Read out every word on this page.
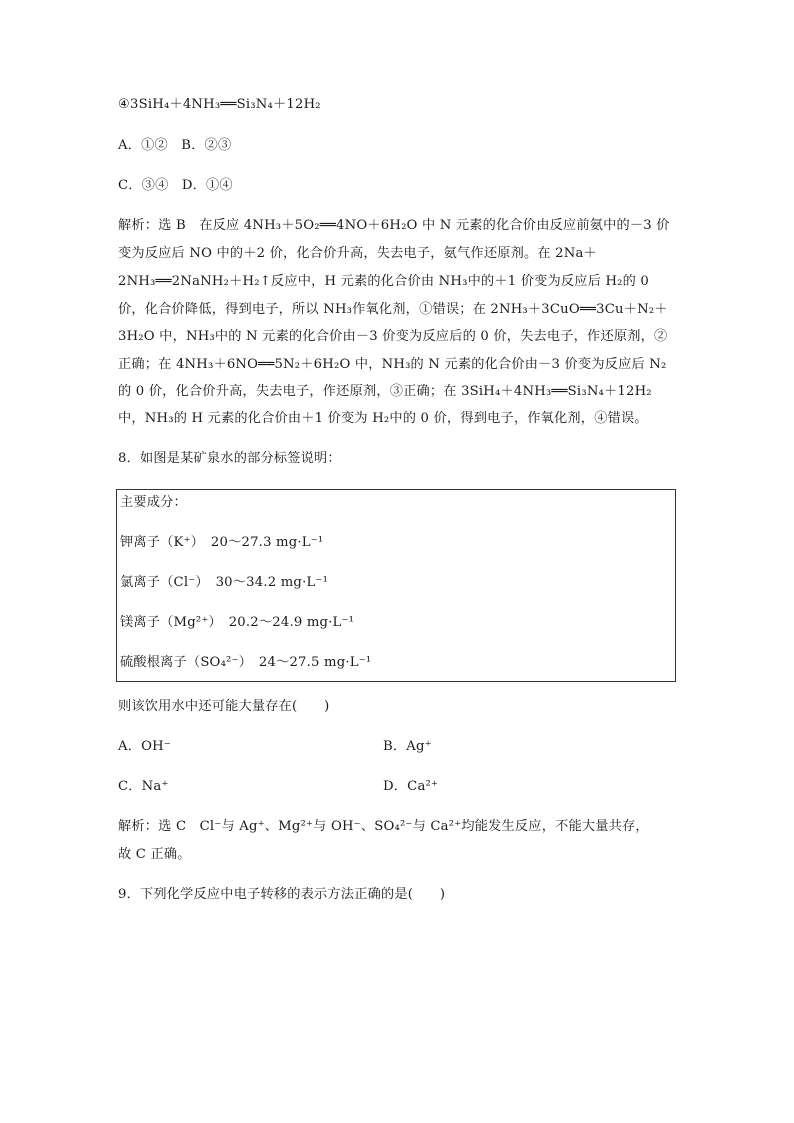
④3SiH₄＋4NH₃══Si₃N₄＋12H₂
A．①②　B．②③
C．③④　D．①④
解析：选 B　在反应 4NH₃＋5O₂══4NO＋6H₂O 中 N 元素的化合价由反应前氨中的－3 价
变为反应后 NO 中的＋2 价，化合价升高，失去电子，氨气作还原剂。在 2Na＋
2NH₃══2NaNH₂＋H₂↑反应中，H 元素的化合价由 NH₃中的＋1 价变为反应后 H₂的 0
价，化合价降低，得到电子，所以 NH₃作氧化剂，①错误；在 2NH₃＋3CuO══3Cu＋N₂＋
3H₂O 中，NH₃中的 N 元素的化合价由－3 价变为反应后的 0 价，失去电子，作还原剂，②
正确；在 4NH₃＋6NO══5N₂＋6H₂O 中，NH₃的 N 元素的化合价由－3 价变为反应后 N₂
的 0 价，化合价升高，失去电子，作还原剂，③正确；在 3SiH₄＋4NH₃══Si₃N₄＋12H₂
中，NH₃的 H 元素的化合价由＋1 价变为 H₂中的 0 价，得到电子，作氧化剂，④错误。
8．如图是某矿泉水的部分标签说明：
主要成分：
钾离子（K⁺）　20～27.3 mg·L⁻¹
氯离子（Cl⁻）　30～34.2 mg·L⁻¹
镁离子（Mg²⁺）　20.2～24.9 mg·L⁻¹
硫酸根离子（SO₄²⁻）　24～27.5 mg·L⁻¹
则该饮用水中还可能大量存在(　　)
A．OH⁻	B．Ag⁺
C．Na⁺	D．Ca²⁺
解析：选 C　Cl⁻与 Ag⁺、Mg²⁺与 OH⁻、SO₄²⁻与 Ca²⁺均能发生反应，不能大量共存，
故 C 正确。
9．下列化学反应中电子转移的表示方法正确的是(　　)
